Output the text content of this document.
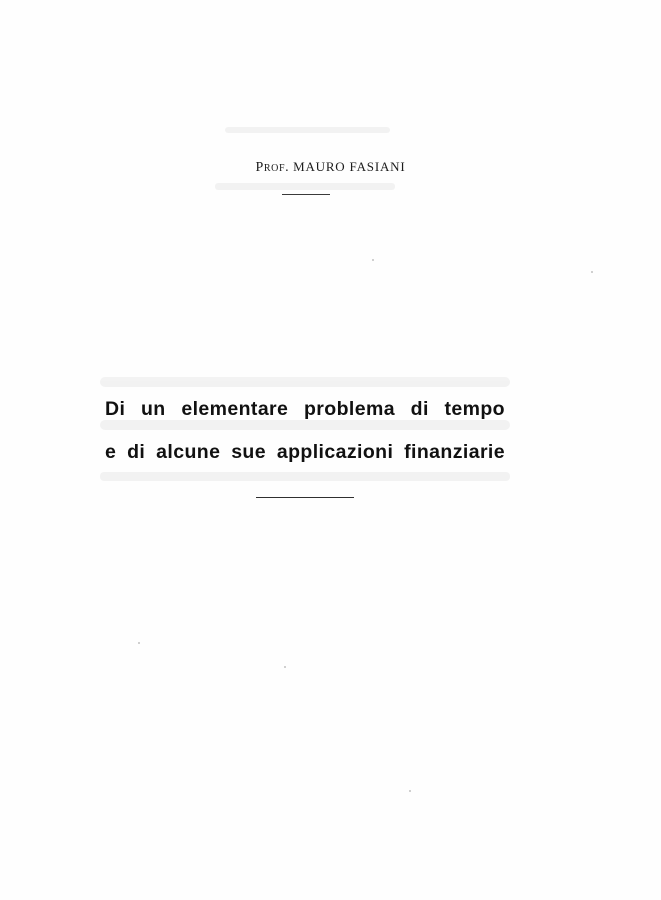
Prof. MAURO FASIANI
Di un elementare problema di tempo
e di alcune sue applicazioni finanziarie
